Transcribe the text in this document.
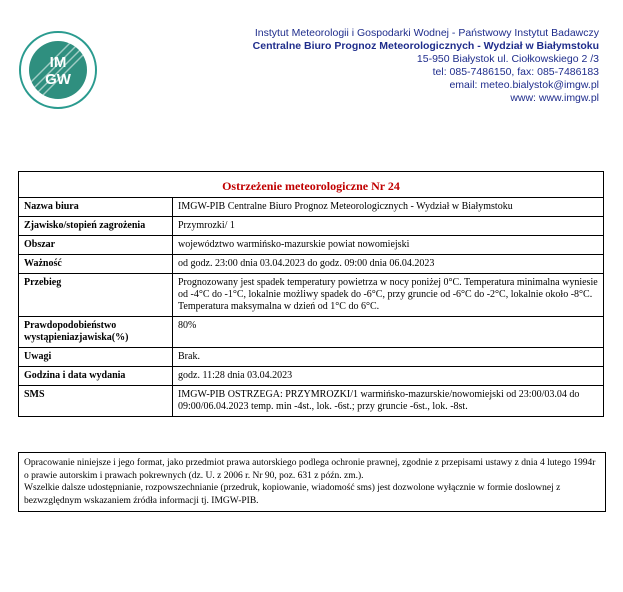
IM
GW
Instytut Meteorologii i Gospodarki Wodnej - Państwowy Instytut Badawczy
Centralne Biuro Prognoz Meteorologicznych - Wydział w Białymstoku
15-950 Białystok ul. Ciołkowskiego 2 /3
tel: 085-7486150, fax: 085-7486183
email: meteo.bialystok@imgw.pl
www: www.imgw.pl
Ostrzeżenie meteorologiczne Nr 24	
Nazwa biura	IMGW-PIB Centralne Biuro Prognoz Meteorologicznych - Wydział w Białymstoku
Zjawisko/stopień zagrożenia	Przymrozki/ 1
Obszar	województwo warmińsko-mazurskie powiat nowomiejski
Ważność	od godz. 23:00 dnia 03.04.2023 do godz. 09:00 dnia 06.04.2023
Przebieg	Prognozowany jest spadek temperatury powietrza w nocy poniżej 0°C. Temperatura minimalna wyniesie od -4°C do -1°C, lokalnie możliwy spadek do -6°C, przy gruncie od -6°C do -2°C, lokalnie około -8°C. Temperatura maksymalna w dzień od 1°C do 6°C.
Prawdopodobieństwo wystąpieniazjawiska(%)	80%
Uwagi	Brak.
Godzina i data wydania	godz. 11:28 dnia 03.04.2023
SMS	IMGW-PIB OSTRZEGA: PRZYMROZKI/1 warmińsko-mazurskie/nowomiejski od 23:00/03.04 do 09:00/06.04.2023 temp. min -4st., lok. -6st.; przy gruncie -6st., lok. -8st.

Opracowanie niniejsze i jego format, jako przedmiot prawa autorskiego podlega ochronie prawnej, zgodnie z przepisami ustawy z dnia 4 lutego 1994r o prawie autorskim i prawach pokrewnych (dz. U. z 2006 r. Nr 90, poz. 631 z późn. zm.).

Wszelkie dalsze udostępnianie, rozpowszechnianie (przedruk, kopiowanie, wiadomość sms) jest dozwolone wyłącznie w formie doslownej z bezwzględnym wskazaniem źródła informacji tj. IMGW-PIB.
